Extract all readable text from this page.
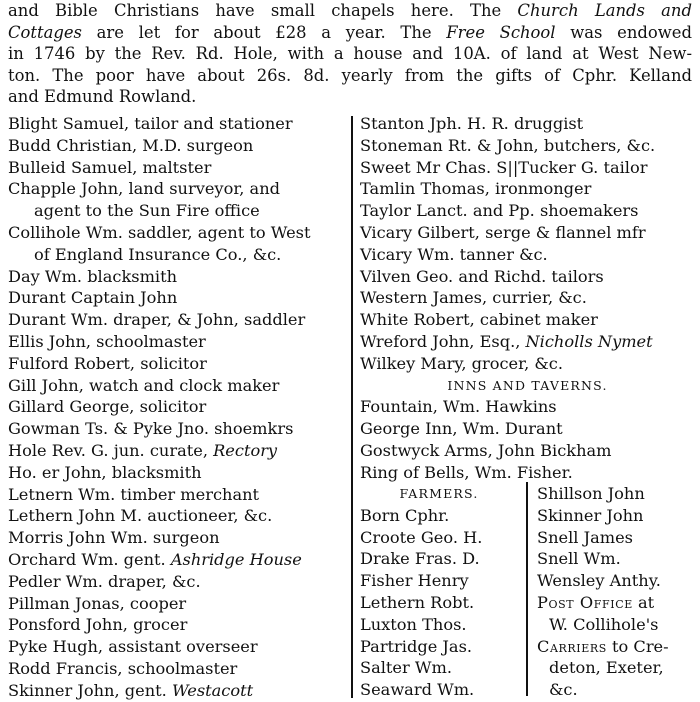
and Bible Christians have small chapels here. The Church Lands and
Cottages are let for about £28 a year. The Free School was endowed
in 1746 by the Rev. Rd. Hole, with a house and 10A. of land at West New-
ton. The poor have about 26s. 8d. yearly from the gifts of Cphr. Kelland
and Edmund Rowland.
Blight Samuel, tailor and stationer
Budd Christian, M.D. surgeon
Bulleid Samuel, maltster
Chapple John, land surveyor, and
agent to the Sun Fire office
Collihole Wm. saddler, agent to West
of England Insurance Co., &c.
Day Wm. blacksmith
Durant Captain John
Durant Wm. draper, & John, saddler
Ellis John, schoolmaster
Fulford Robert, solicitor
Gill John, watch and clock maker
Gillard George, solicitor
Gowman Ts. & Pyke Jno. shoemkrs
Hole Rev. G. jun. curate, Rectory
Ho. er John, blacksmith
Letnern Wm. timber merchant
Lethern John M. auctioneer, &c.
Morris John Wm. surgeon
Orchard Wm. gent. Ashridge House
Pedler Wm. draper, &c.
Pillman Jonas, cooper
Ponsford John, grocer
Pyke Hugh, assistant overseer
Rodd Francis, schoolmaster
Skinner John, gent. Westacott
Stanton Jph. H. R. druggist
Stoneman Rt. & John, butchers, &c.
Sweet Mr Chas. S||Tucker G. tailor
Tamlin Thomas, ironmonger
Taylor Lanct. and Pp. shoemakers
Vicary Gilbert, serge & flannel mfr
Vicary Wm. tanner &c.
Vilven Geo. and Richd. tailors
Western James, currier, &c.
White Robert, cabinet maker
Wreford John, Esq., Nicholls Nymet
Wilkey Mary, grocer, &c.
INNS AND TAVERNS.
Fountain, Wm. Hawkins
George Inn, Wm. Durant
Gostwyck Arms, John Bickham
Ring of Bells, Wm. Fisher.
FARMERS.
Born Cphr.
Croote Geo. H.
Drake Fras. D.
Fisher Henry
Lethern Robt.
Luxton Thos.
Partridge Jas.
Salter Wm.
Seaward Wm.
Shillson John
Skinner John
Snell James
Snell Wm.
Wensley Anthy.
Post Office at
W. Collihole's
Carriers to Cre-
deton, Exeter,
&c.
